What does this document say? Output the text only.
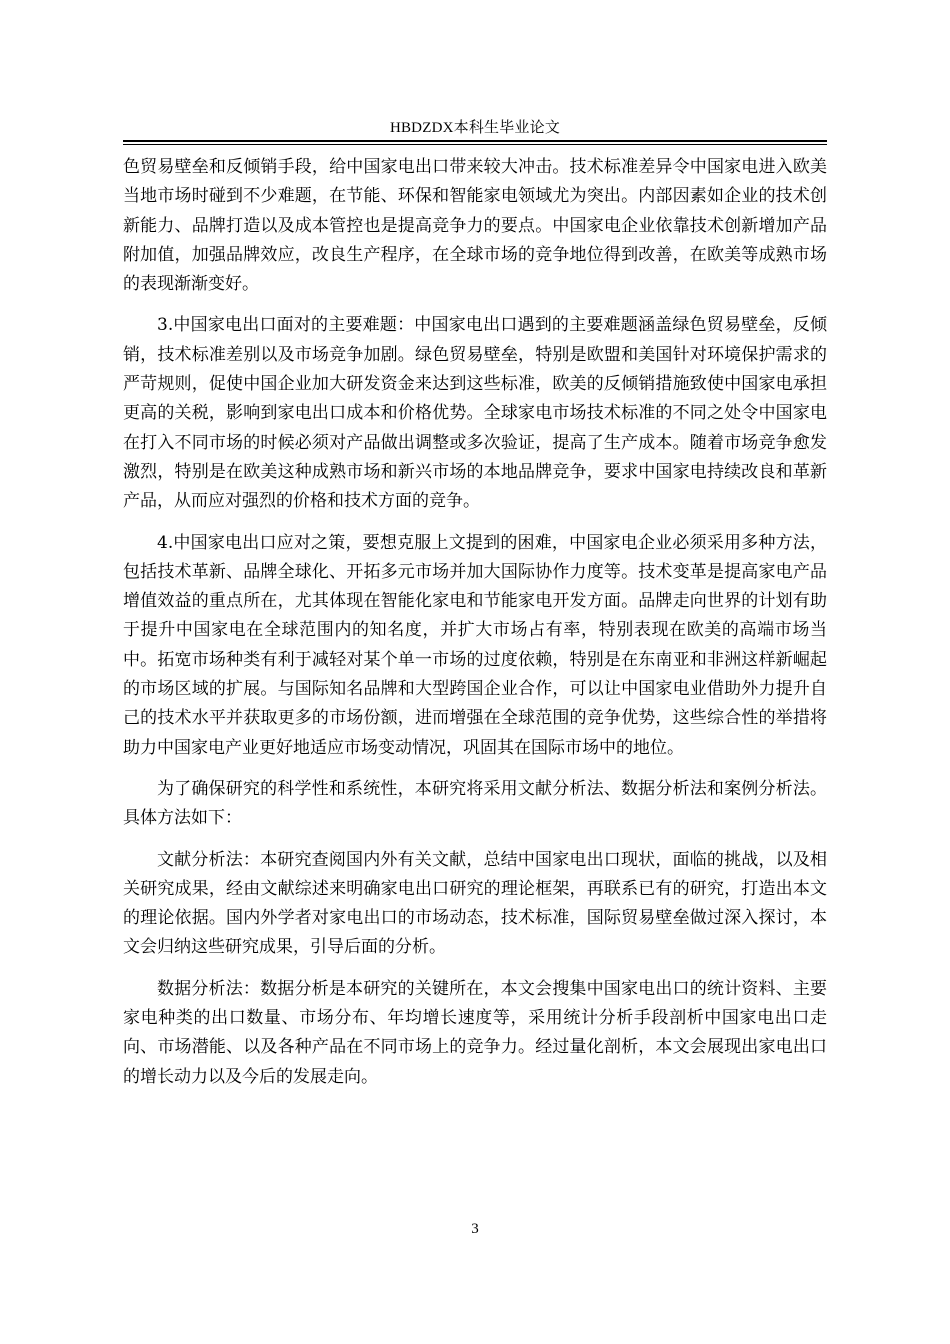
HBDZDX本科生毕业论文

色贸易壁垒和反倾销手段，给中国家电出口带来较大冲击。技术标准差异令中国家电进入欧美当地市场时碰到不少难题，在节能、环保和智能家电领域尤为突出。内部因素如企业的技术创新能力、品牌打造以及成本管控也是提高竞争力的要点。中国家电企业依靠技术创新增加产品附加值，加强品牌效应，改良生产程序，在全球市场的竞争地位得到改善，在欧美等成熟市场的表现渐渐变好。

3.中国家电出口面对的主要难题：中国家电出口遇到的主要难题涵盖绿色贸易壁垒，反倾销，技术标准差别以及市场竞争加剧。绿色贸易壁垒，特别是欧盟和美国针对环境保护需求的严苛规则，促使中国企业加大研发资金来达到这些标准，欧美的反倾销措施致使中国家电承担更高的关税，影响到家电出口成本和价格优势。全球家电市场技术标准的不同之处令中国家电在打入不同市场的时候必须对产品做出调整或多次验证，提高了生产成本。随着市场竞争愈发激烈，特别是在欧美这种成熟市场和新兴市场的本地品牌竞争，要求中国家电持续改良和革新产品，从而应对强烈的价格和技术方面的竞争。

4.中国家电出口应对之策，要想克服上文提到的困难，中国家电企业必须采用多种方法，包括技术革新、品牌全球化、开拓多元市场并加大国际协作力度等。技术变革是提高家电产品增值效益的重点所在，尤其体现在智能化家电和节能家电开发方面。品牌走向世界的计划有助于提升中国家电在全球范围内的知名度，并扩大市场占有率，特别表现在欧美的高端市场当中。拓宽市场种类有利于减轻对某个单一市场的过度依赖，特别是在东南亚和非洲这样新崛起的市场区域的扩展。与国际知名品牌和大型跨国企业合作，可以让中国家电业借助外力提升自己的技术水平并获取更多的市场份额，进而增强在全球范围的竞争优势，这些综合性的举措将助力中国家电产业更好地适应市场变动情况，巩固其在国际市场中的地位。

为了确保研究的科学性和系统性，本研究将采用文献分析法、数据分析法和案例分析法。具体方法如下：

文献分析法：本研究查阅国内外有关文献，总结中国家电出口现状，面临的挑战，以及相关研究成果，经由文献综述来明确家电出口研究的理论框架，再联系已有的研究，打造出本文的理论依据。国内外学者对家电出口的市场动态，技术标准，国际贸易壁垒做过深入探讨，本文会归纳这些研究成果，引导后面的分析。

数据分析法：数据分析是本研究的关键所在，本文会搜集中国家电出口的统计资料、主要家电种类的出口数量、市场分布、年均增长速度等，采用统计分析手段剖析中国家电出口走向、市场潜能、以及各种产品在不同市场上的竞争力。经过量化剖析，本文会展现出家电出口的增长动力以及今后的发展走向。

3
